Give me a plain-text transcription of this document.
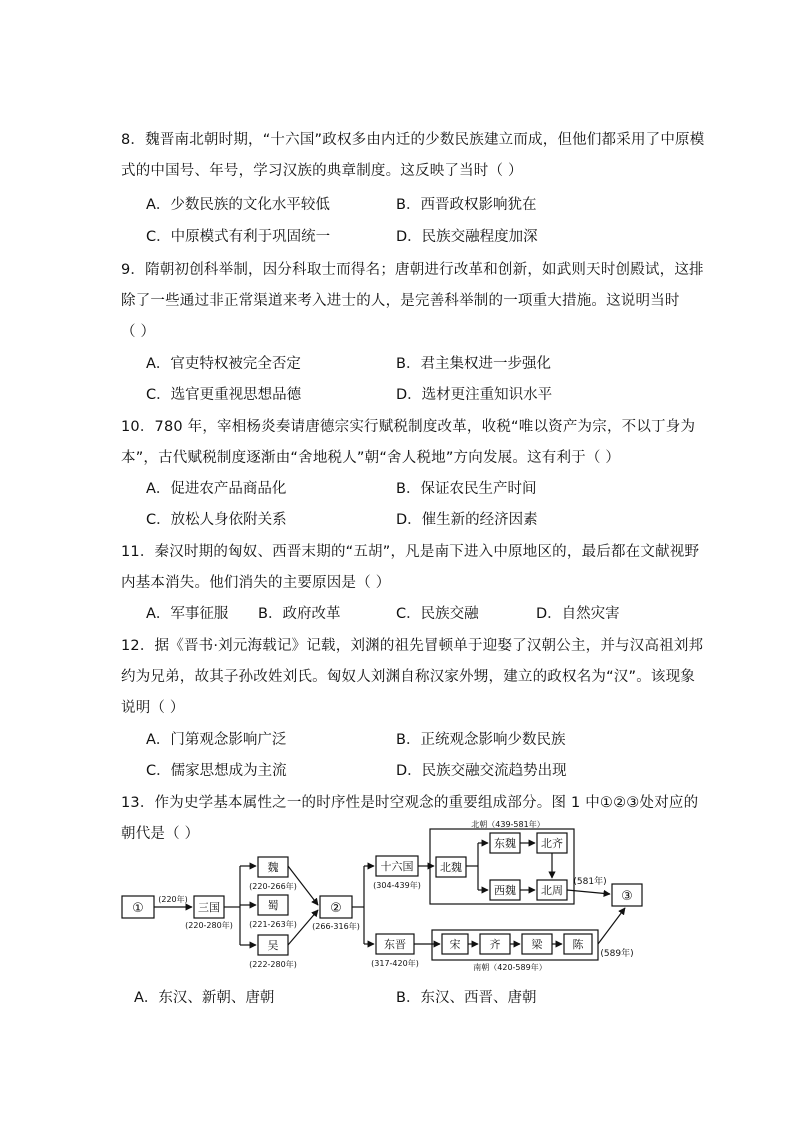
8．魏晋南北朝时期，“十六国”政权多由内迁的少数民族建立而成，但他们都采用了中原模
式的中国号、年号，学习汉族的典章制度。这反映了当时（ ）
A．少数民族的文化水平较低	B．西晋政权影响犹在
C．中原模式有利于巩固统一	D．民族交融程度加深
9．隋朝初创科举制，因分科取士而得名；唐朝进行改革和创新，如武则天时创殿试，这排
除了一些通过非正常渠道来考入进士的人，是完善科举制的一项重大措施。这说明当时
（ ）
A．官吏特权被完全否定	B．君主集权进一步强化
C．选官更重视思想品德	D．选材更注重知识水平
10．780 年，宰相杨炎奏请唐德宗实行赋税制度改革，收税“唯以资产为宗，不以丁身为
本”，古代赋税制度逐渐由“舍地税人”朝“舍人税地”方向发展。这有利于（ ）
A．促进农产品商品化	B．保证农民生产时间
C．放松人身依附关系	D．催生新的经济因素
11．秦汉时期的匈奴、西晋末期的“五胡”，凡是南下进入中原地区的，最后都在文献视野
内基本消失。他们消失的主要原因是（ ）
A．军事征服 B．政府改革	C．民族交融	D．自然灾害
12．据《晋书·刘元海载记》记载，刘渊的祖先冒顿单于迎娶了汉朝公主，并与汉高祖刘邦
约为兄弟，故其子孙改姓刘氏。匈奴人刘渊自称汉家外甥，建立的政权名为“汉”。该现象
说明（ ）
A．门第观念影响广泛	B．正统观念影响少数民族
C．儒家思想成为主流	D．民族交融交流趋势出现
13．作为史学基本属性之一的时序性是时空观念的重要组成部分。图 1 中①②③处对应的
朝代是（ ）
①
(220年)
三国
(220-280年)
魏
(220-266年)
蜀
(221-263年)
吴
(222-280年)
②
(266-316年)
十六国
(304-439年)
东晋
(317-420年)
北朝（439-581年）
北魏
东魏 北齐
西魏 北周
(581年)
③
宋	齐	梁	陈
南朝（420-589年）
(589年)
A．东汉、新朝、唐朝	B．东汉、西晋、唐朝
